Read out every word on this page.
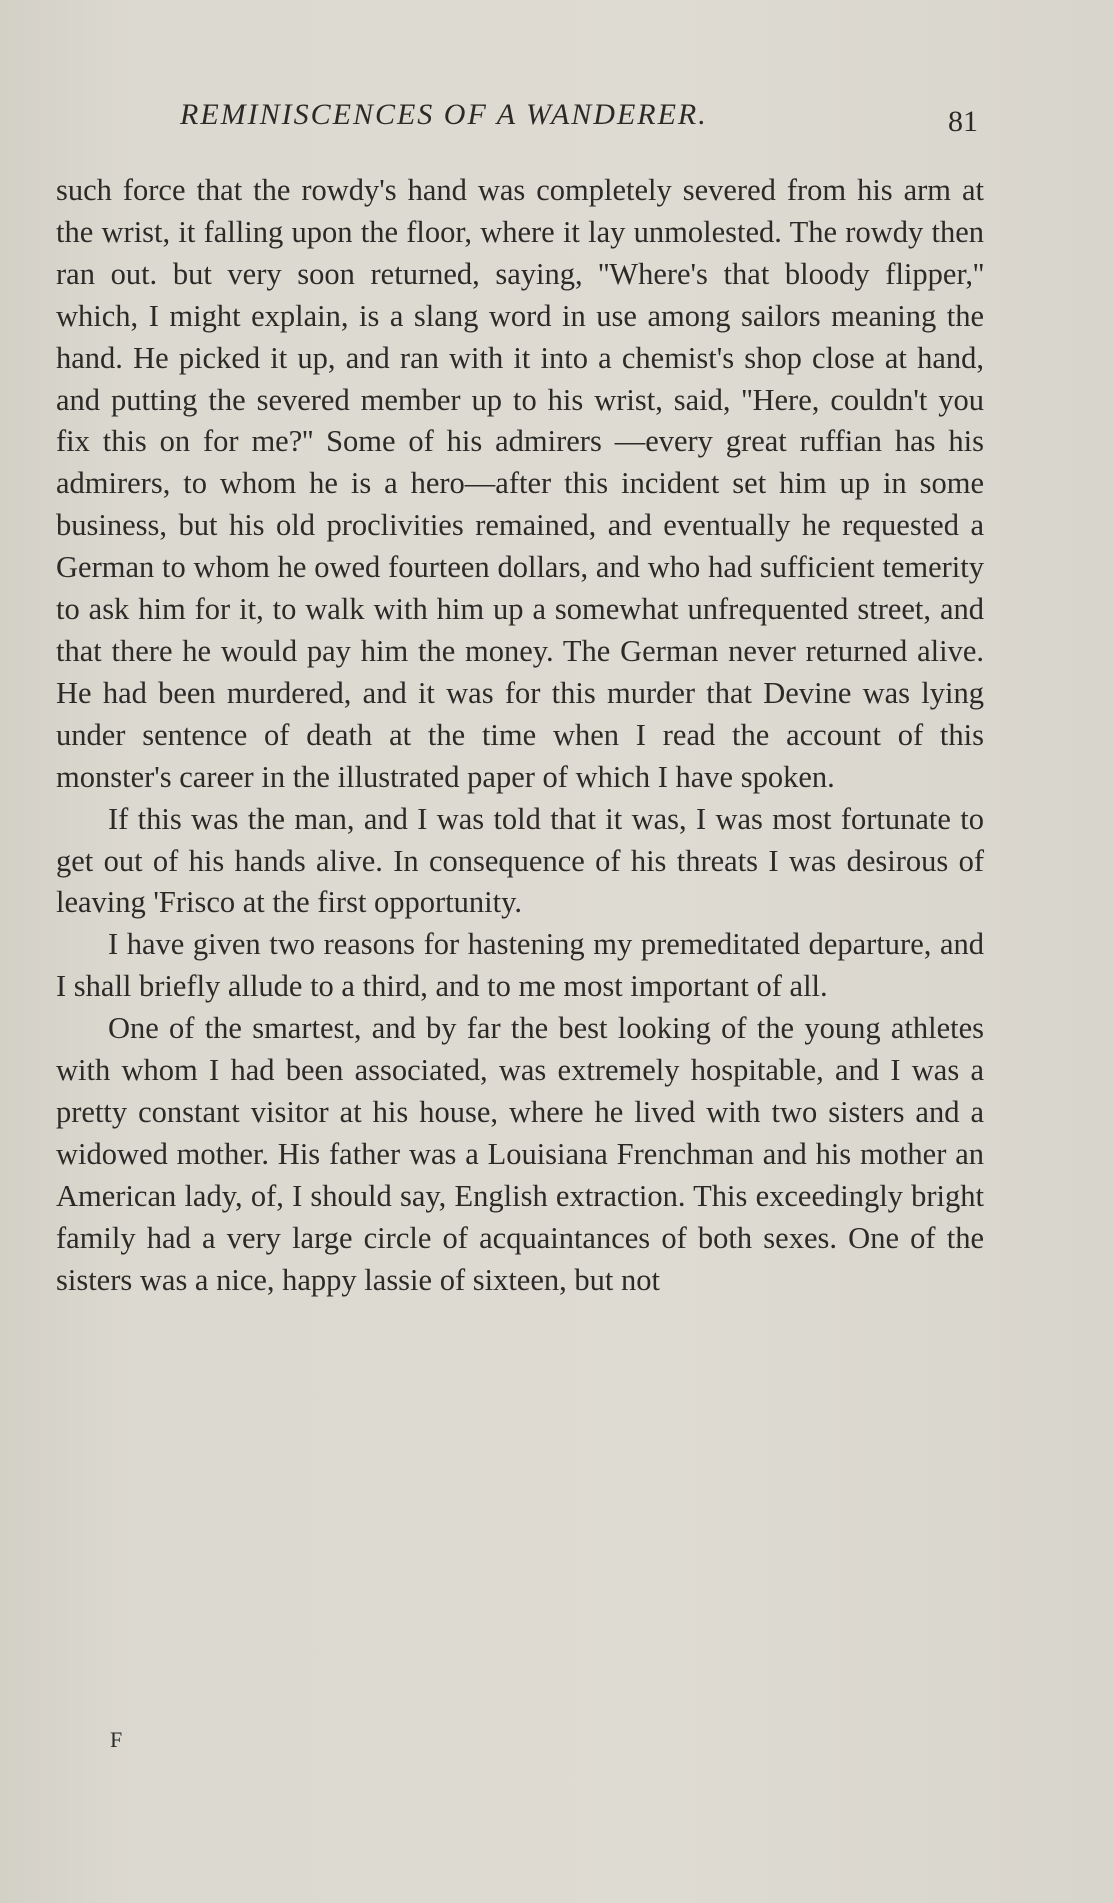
REMINISCENCES OF A WANDERER.	81

such force that the rowdy's hand was completely severed from his arm at the wrist, it falling upon the floor, where it lay unmolested. The rowdy then ran out. but very soon returned, saying, ''Where's that bloody flipper,'' which, I might explain, is a slang word in use among sailors meaning the hand. He picked it up, and ran with it into a chemist's shop close at hand, and putting the severed member up to his wrist, said, ''Here, couldn't you fix this on for me?'' Some of his admirers —every great ruffian has his admirers, to whom he is a hero—after this incident set him up in some business, but his old proclivities remained, and eventually he requested a German to whom he owed fourteen dollars, and who had sufficient temerity to ask him for it, to walk with him up a somewhat unfrequented street, and that there he would pay him the money. The German never returned alive. He had been murdered, and it was for this murder that Devine was lying under sentence of death at the time when I read the account of this monster's career in the illustrated paper of which I have spoken.

If this was the man, and I was told that it was, I was most fortunate to get out of his hands alive. In consequence of his threats I was desirous of leaving 'Frisco at the first opportunity.

I have given two reasons for hastening my premeditated departure, and I shall briefly allude to a third, and to me most important of all.

One of the smartest, and by far the best looking of the young athletes with whom I had been associated, was extremely hospitable, and I was a pretty constant visitor at his house, where he lived with two sisters and a widowed mother. His father was a Louisiana Frenchman and his mother an American lady, of, I should say, English extraction. This exceedingly bright family had a very large circle of acquaintances of both sexes. One of the sisters was a nice, happy lassie of sixteen, but not

F
